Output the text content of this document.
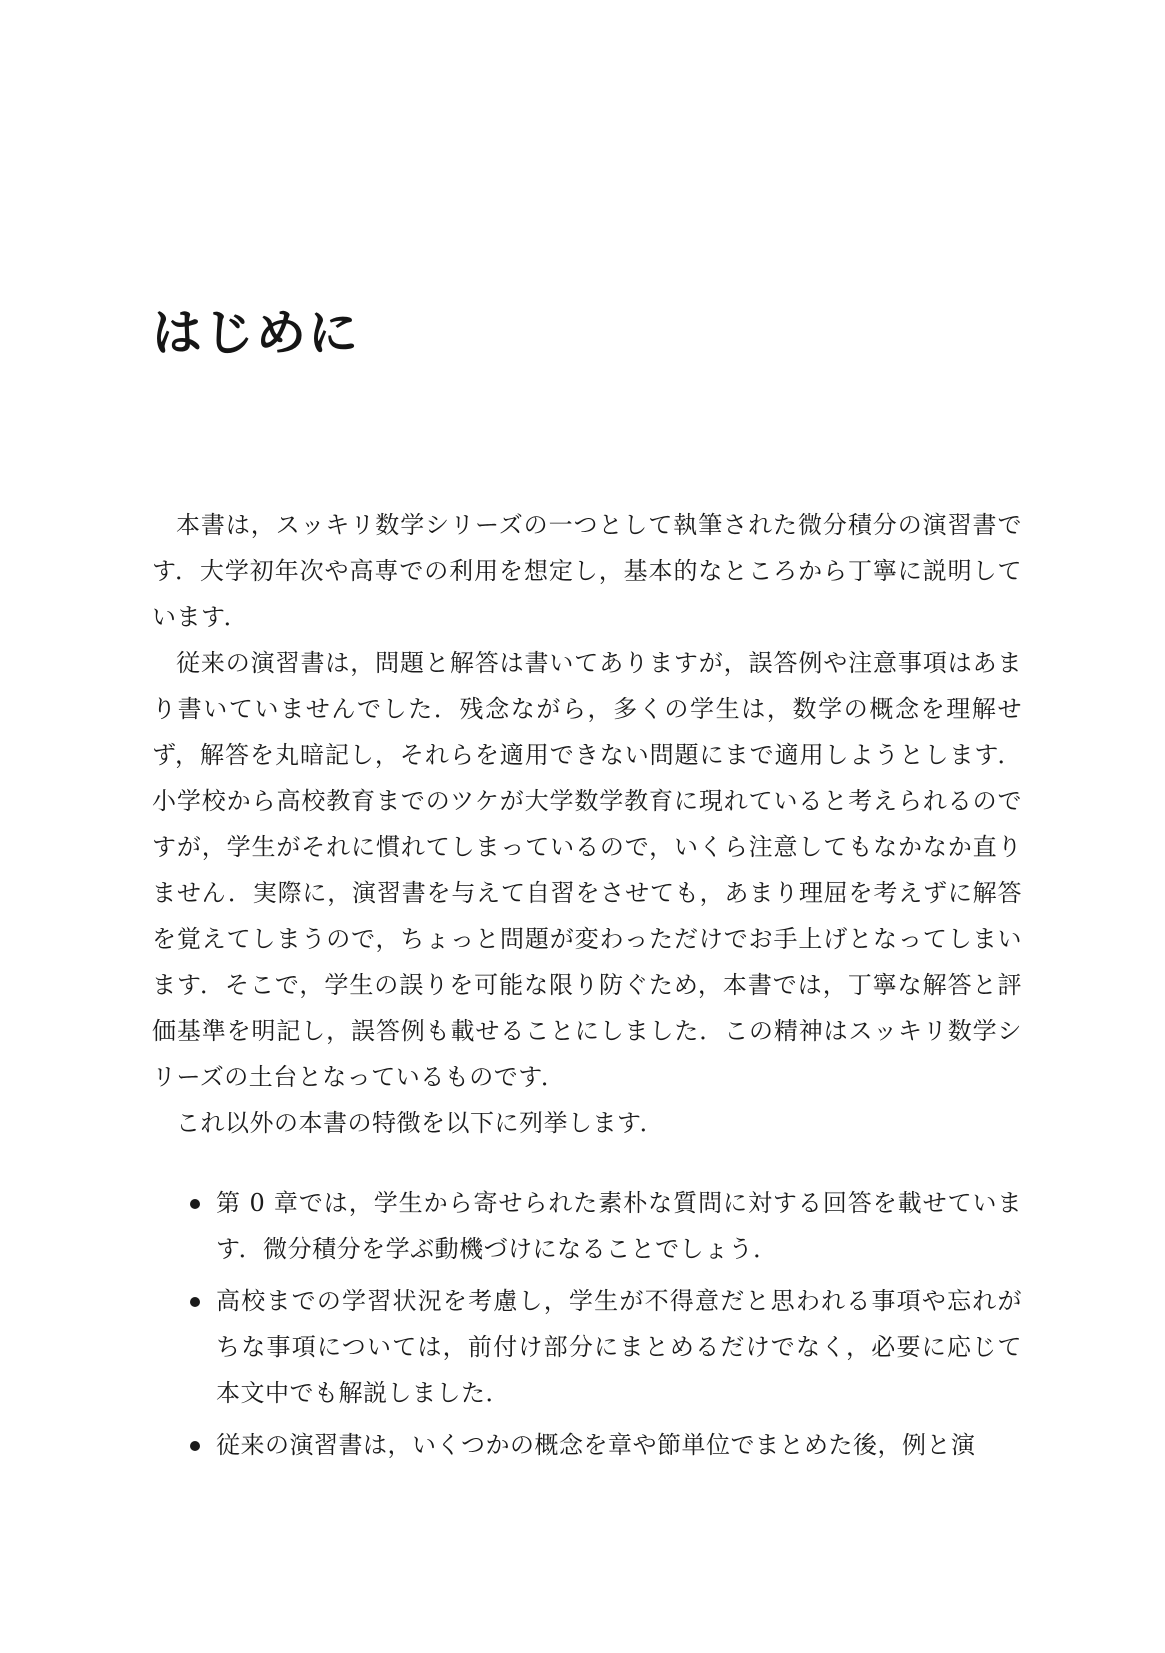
はじめに

本書は，スッキリ数学シリーズの一つとして執筆された微分積分の演習書です．大学初年次や高専での利用を想定し，基本的なところから丁寧に説明しています．

従来の演習書は，問題と解答は書いてありますが，誤答例や注意事項はあまり書いていませんでした．残念ながら，多くの学生は，数学の概念を理解せず，解答を丸暗記し，それらを適用できない問題にまで適用しようとします．小学校から高校教育までのツケが大学数学教育に現れていると考えられるのですが，学生がそれに慣れてしまっているので，いくら注意してもなかなか直りません．実際に，演習書を与えて自習をさせても，あまり理屈を考えずに解答を覚えてしまうので，ちょっと問題が変わっただけでお手上げとなってしまいます．そこで，学生の誤りを可能な限り防ぐため，本書では，丁寧な解答と評価基準を明記し，誤答例も載せることにしました．この精神はスッキリ数学シリーズの土台となっているものです．

これ以外の本書の特徴を以下に列挙します．

第 0 章では，学生から寄せられた素朴な質問に対する回答を載せています．微分積分を学ぶ動機づけになることでしょう．
高校までの学習状況を考慮し，学生が不得意だと思われる事項や忘れがちな事項については，前付け部分にまとめるだけでなく，必要に応じて本文中でも解説しました．
従来の演習書は，いくつかの概念を章や節単位でまとめた後，例と演
